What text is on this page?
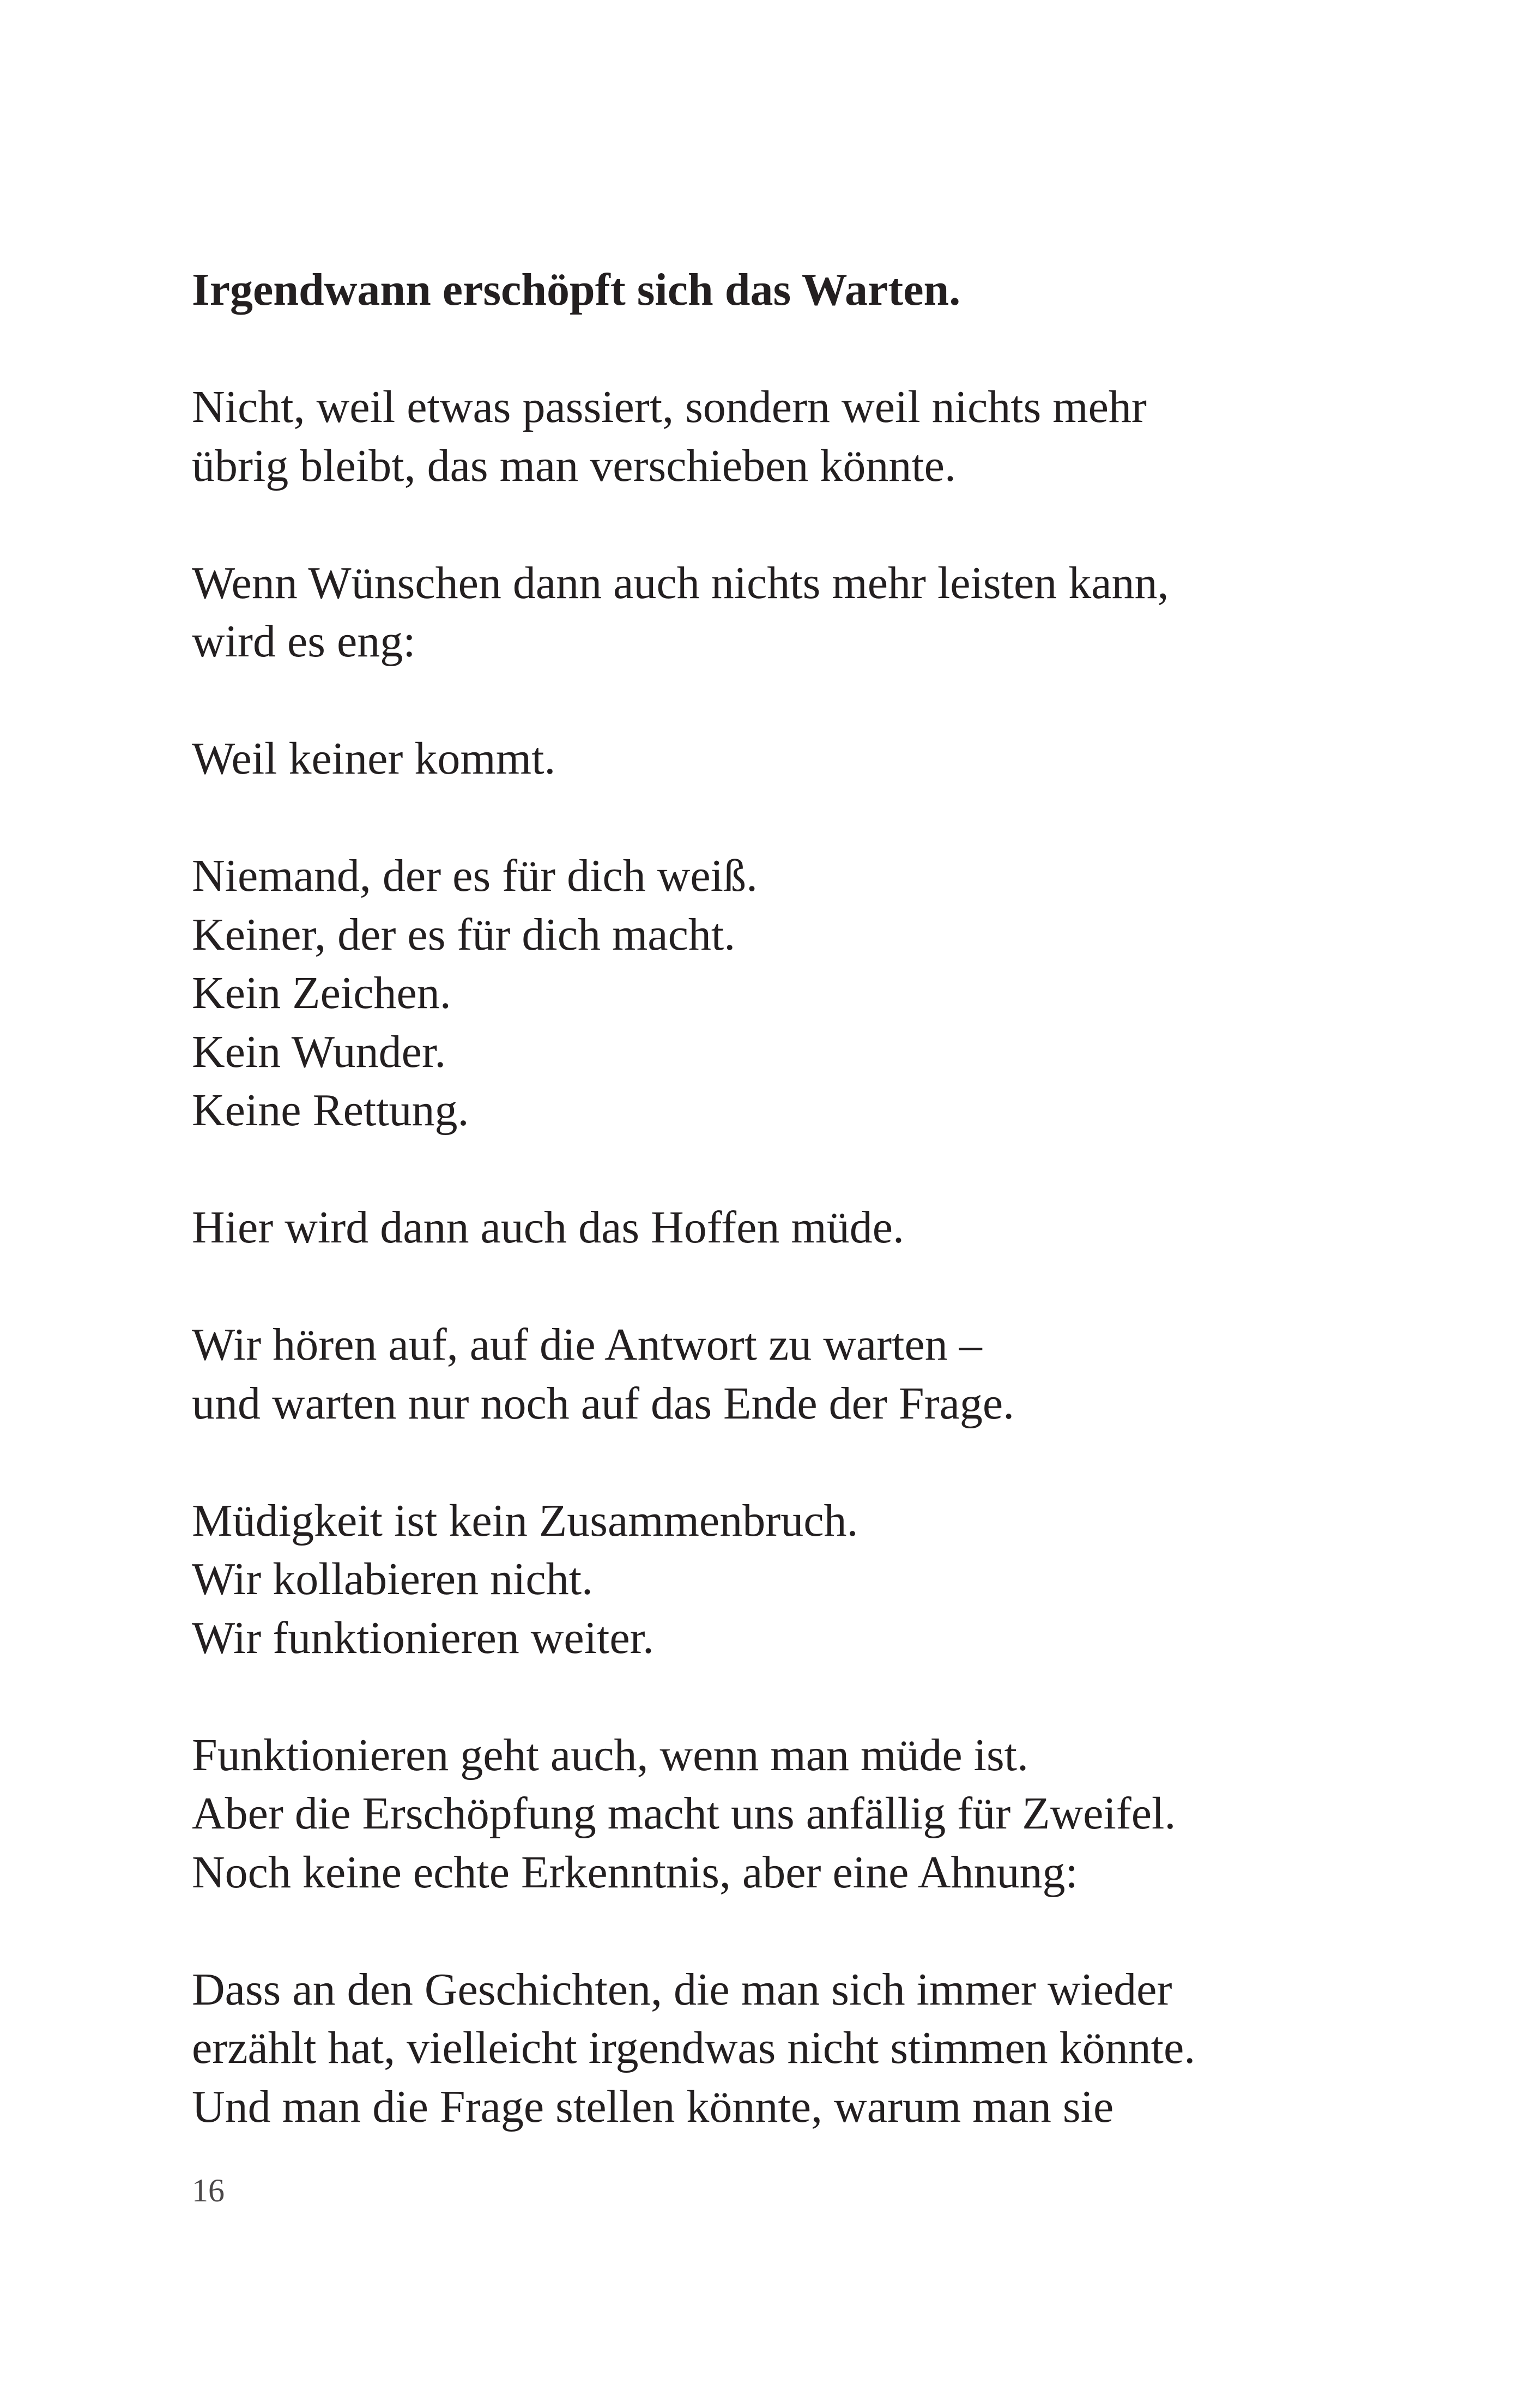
Irgendwann erschöpft sich das Warten.

Nicht, weil etwas passiert, sondern weil nichts mehr
übrig bleibt, das man verschieben könnte.

Wenn Wünschen dann auch nichts mehr leisten kann,
wird es eng:

Weil keiner kommt.

Niemand, der es für dich weiß.
Keiner, der es für dich macht.
Kein Zeichen.
Kein Wunder.
Keine Rettung.

Hier wird dann auch das Hoffen müde.

Wir hören auf, auf die Antwort zu warten –
und warten nur noch auf das Ende der Frage.

Müdigkeit ist kein Zusammenbruch.
Wir kollabieren nicht.
Wir funktionieren weiter.

Funktionieren geht auch, wenn man müde ist.
Aber die Erschöpfung macht uns anfällig für Zweifel.
Noch keine echte Erkenntnis, aber eine Ahnung:

Dass an den Geschichten, die man sich immer wieder
erzählt hat, vielleicht irgendwas nicht stimmen könnte.
Und man die Frage stellen könnte, warum man sie

16
